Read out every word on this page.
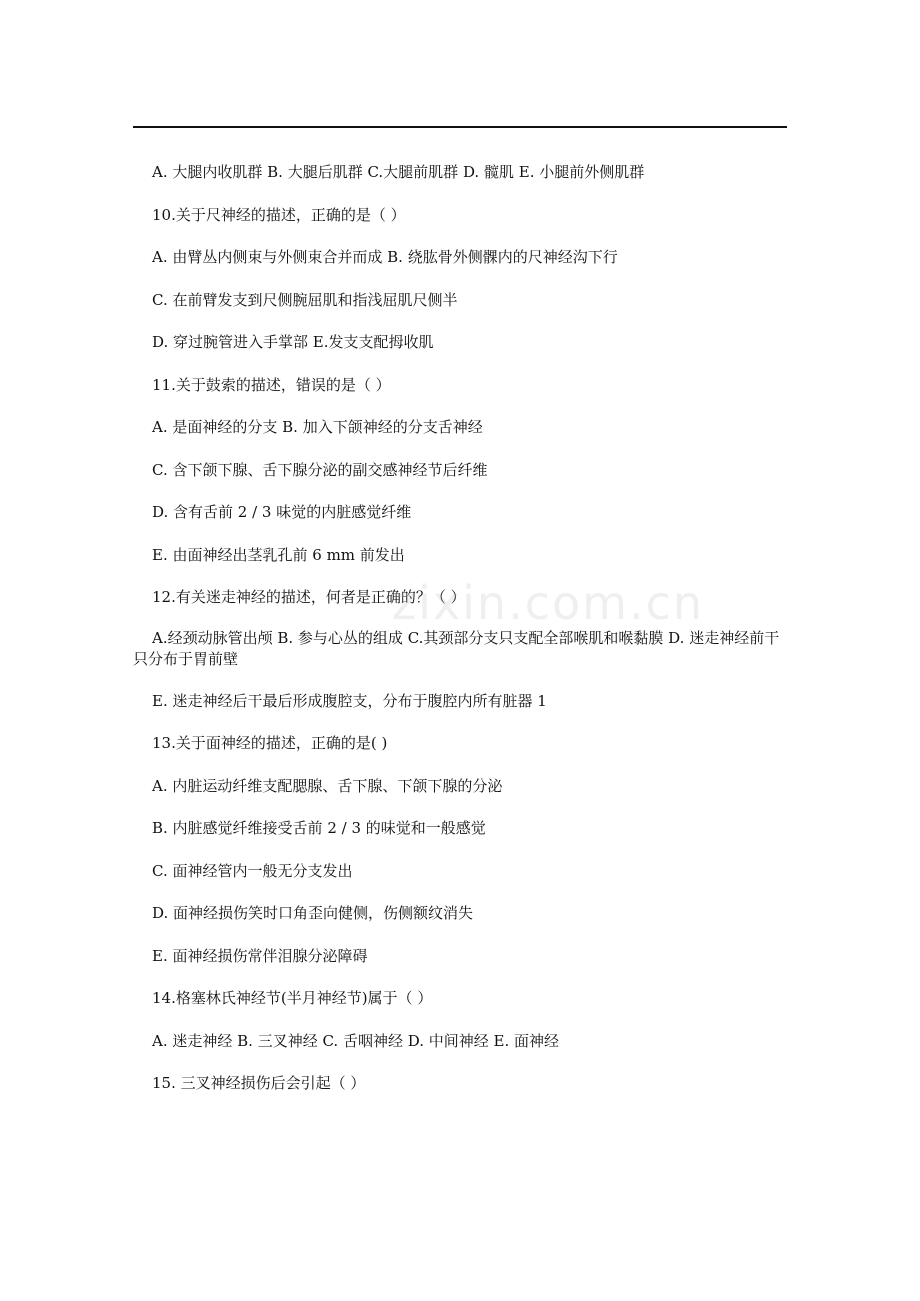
A. 大腿内收肌群 B. 大腿后肌群 C.大腿前肌群 D. 髋肌 E. 小腿前外侧肌群
10.关于尺神经的描述，正确的是（ ）
A. 由臂丛内侧束与外侧束合并而成 B. 绕肱骨外侧髁内的尺神经沟下行
C. 在前臂发支到尺侧腕屈肌和指浅屈肌尺侧半
D. 穿过腕管进入手掌部 E.发支支配拇收肌
11.关于鼓索的描述，错误的是（ ）
A. 是面神经的分支 B. 加入下颌神经的分支舌神经
C. 含下颌下腺、舌下腺分泌的副交感神经节后纤维
D. 含有舌前 2 / 3 味觉的内脏感觉纤维
E. 由面神经出茎乳孔前 6 mm 前发出
12.有关迷走神经的描述，何者是正确的？（ ）
A.经颈动脉管出颅 B. 参与心丛的组成 C.其颈部分支只支配全部喉肌和喉黏膜 D. 迷走神经前干只分布于胃前壁
E. 迷走神经后干最后形成腹腔支，分布于腹腔内所有脏器 1
13.关于面神经的描述，正确的是( )
A. 内脏运动纤维支配腮腺、舌下腺、下颌下腺的分泌
B. 内脏感觉纤维接受舌前 2 / 3 的味觉和一般感觉
C. 面神经管内一般无分支发出
D. 面神经损伤笑时口角歪向健侧，伤侧额纹消失
E. 面神经损伤常伴泪腺分泌障碍
14.格塞林氏神经节(半月神经节)属于（ ）
A. 迷走神经 B. 三叉神经 C. 舌咽神经 D. 中间神经 E. 面神经
15. 三叉神经损伤后会引起（ ）
zixin.com.cn
